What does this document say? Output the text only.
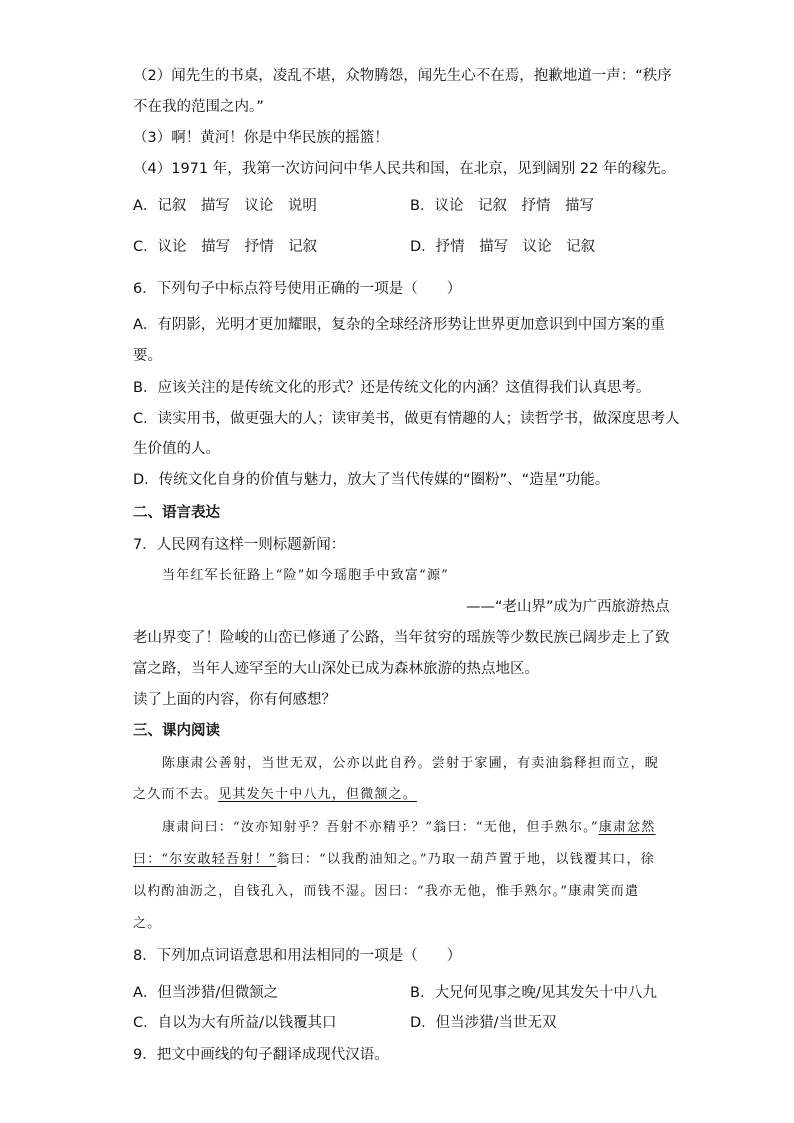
（2）闻先生的书桌，凌乱不堪，众物腾怨，闻先生心不在焉，抱歉地道一声：“秩序
不在我的范围之内。”
（3）啊！黄河！你是中华民族的摇篮！
（4）1971 年，我第一次访问问中华人民共和国，在北京，见到阔别 22 年的稼先。
A．记叙　描写　议论　说明	B．议论　记叙　抒情　描写
C．议论　描写　抒情　记叙	D．抒情　描写　议论　记叙
6．下列句子中标点符号使用正确的一项是（　　）
A．有阴影，光明才更加耀眼，复杂的全球经济形势让世界更加意识到中国方案的重
要。
B．应该关注的是传统文化的形式？还是传统文化的内涵？这值得我们认真思考。
C．读实用书，做更强大的人；读审美书，做更有情趣的人；读哲学书，做深度思考人
生价值的人。
D．传统文化自身的价值与魅力，放大了当代传媒的“圈粉”、“造星”功能。
二、语言表达
7．人民网有这样一则标题新闻：
当年红军长征路上“险”如今瑶胞手中致富“源”
——“老山界”成为广西旅游热点
老山界变了！险峻的山峦已修通了公路，当年贫穷的瑶族等少数民族已阔步走上了致
富之路，当年人迹罕至的大山深处已成为森林旅游的热点地区。
读了上面的内容，你有何感想？
三、课内阅读
陈康肃公善射，当世无双，公亦以此自矜。尝射于家圃，有卖油翁释担而立，睨
之久而不去。见其发矢十中八九，但微颔之。
康肃问曰：“汝亦知射乎？吾射不亦精乎？”翁曰：“无他，但手熟尔。”康肃忿然
曰：“尔安敢轻吾射！”翁曰：“以我酌油知之。”乃取一葫芦置于地，以钱覆其口，徐
以杓酌油沥之，自钱孔入，而钱不湿。因曰：“我亦无他，惟手熟尔。”康肃笑而遣
之。
8．下列加点词语意思和用法相同的一项是（　　）
A．但当涉猎/但微颔之	B．大兄何见事之晚/见其发矢十中八九
C．自以为大有所益/以钱覆其口	D．但当涉猎/当世无双
9．把文中画线的句子翻译成现代汉语。
